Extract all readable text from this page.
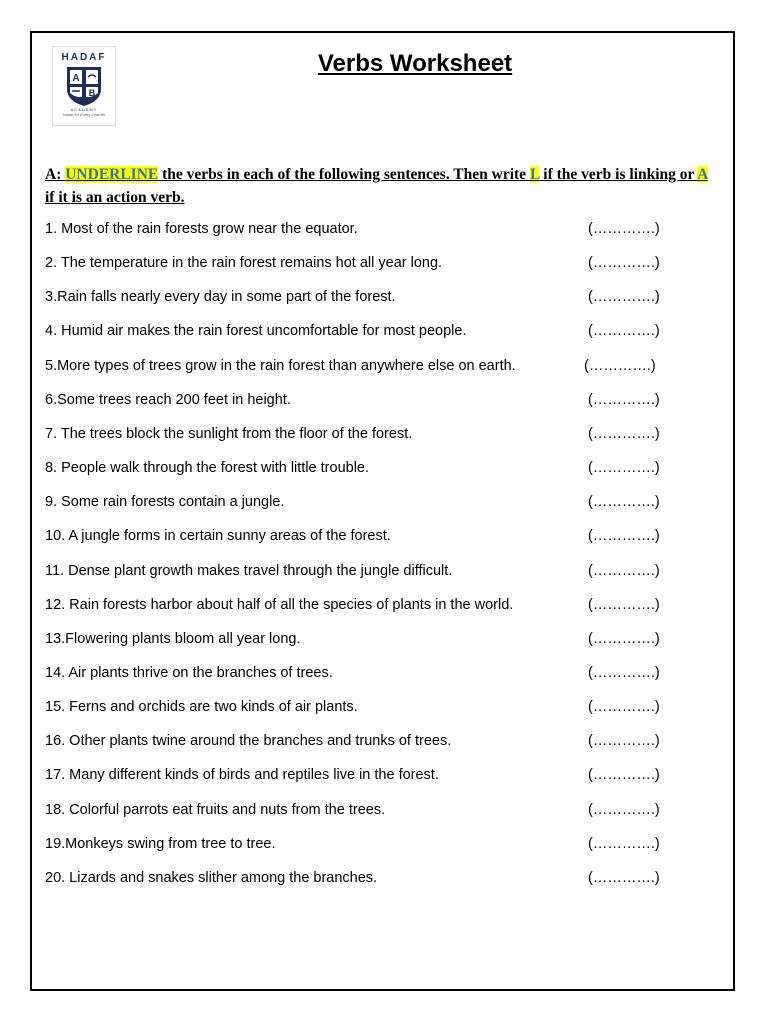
HADAF
A
B
ACADEMY
Hadaf for Every Learner
Verbs Worksheet
A: UNDERLINE the verbs in each of the following sentences. Then write L if the verb is linking or A if it is an action verb.
1. Most of the rain forests grow near the equator.	(………….)
2. The temperature in the rain forest remains hot all year long.	(………….)
3.Rain falls nearly every day in some part of the forest.	(………….)
4. Humid air makes the rain forest uncomfortable for most people.	(………….)
5.More types of trees grow in the rain forest than anywhere else on earth.	(………….)
6.Some trees reach 200 feet in height.	(………….)
7. The trees block the sunlight from the floor of the forest.	(………….)
8. People walk through the forest with little trouble.	(………….)
9. Some rain forests contain a jungle.	(………….)
10. A jungle forms in certain sunny areas of the forest.	(………….)
11. Dense plant growth makes travel through the jungle difficult.	(………….)
12. Rain forests harbor about half of all the species of plants in the world.	(………….)
13.Flowering plants bloom all year long.	(………….)
14. Air plants thrive on the branches of trees.	(………….)
15. Ferns and orchids are two kinds of air plants.	(………….)
16. Other plants twine around the branches and trunks of trees.	(………….)
17. Many different kinds of birds and reptiles live in the forest.	(………….)
18. Colorful parrots eat fruits and nuts from the trees.	(………….)
19.Monkeys swing from tree to tree.	(………….)
20. Lizards and snakes slither among the branches.	(………….)
